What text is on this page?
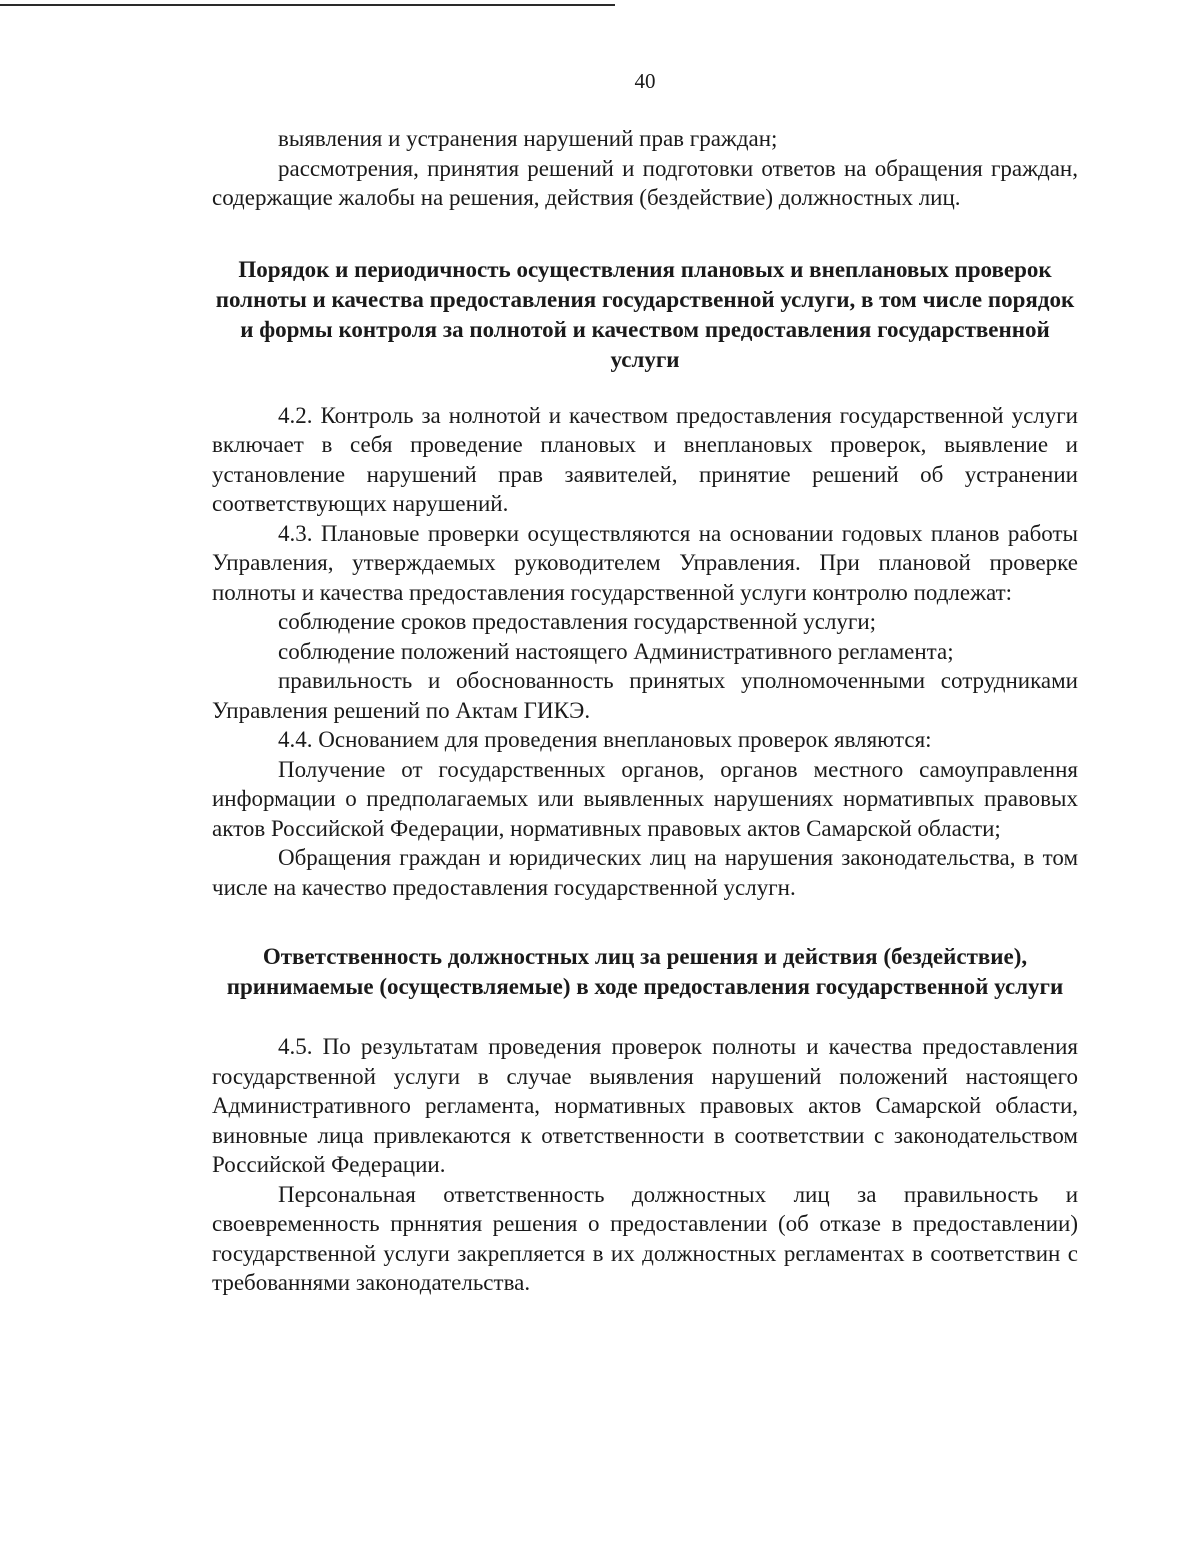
40

выявления и устранения нарушений прав граждан;

рассмотрения, принятия решений и подготовки ответов на обращения граждан, содержащие жалобы на решения, действия (бездействие) должностных лиц.

Порядок и периодичность осуществления плановых и внеплановых проверок полноты и качества предоставления государственной услуги, в том числе порядок и формы контроля за полнотой и качеством предоставления государственной услуги

4.2. Контроль за нолнотой и качеством предоставления государственной услуги включает в себя проведение плановых и внеплановых проверок, выявление и установление нарушений прав заявителей, принятие решений об устранении соответствующих нарушений.

4.3. Плановые проверки осуществляются на основании годовых планов работы Управления, утверждаемых руководителем Управления. При плановой проверке полноты и качества предоставления государственной услуги контролю подлежат:

соблюдение сроков предоставления государственной услуги;

соблюдение положений настоящего Административного регламента;

правильность и обоснованность принятых уполномоченными сотрудниками Управления решений по Актам ГИКЭ.

4.4. Основанием для проведения внеплановых проверок являются:

Получение от государственных органов, органов местного самоуправлення информации о предполагаемых или выявленных нарушениях нормативпых правовых актов Российской Федерации, нормативных правовых актов Самарской области;

Обращения граждан и юридических лиц на нарушения законодательства, в том числе на качество предоставления государственной услугн.

Ответственность должностных лиц за решения и действия (бездействие), принимаемые (осуществляемые) в ходе предоставления государственной услуги

4.5. По результатам проведения проверок полноты и качества предоставления государственной услуги в случае выявления нарушений положений настоящего Административного регламента, нормативных правовых актов Самарской области, виновные лица привлекаются к ответственности в соответствии с законодательством Российской Федерации.

Персональная ответственность должностных лиц за правильность и своевременность прннятия решения о предоставлении (об отказе в предоставлении) государственной услуги закрепляется в их должностных регламентах в соответствин с требованнями законодательства.
